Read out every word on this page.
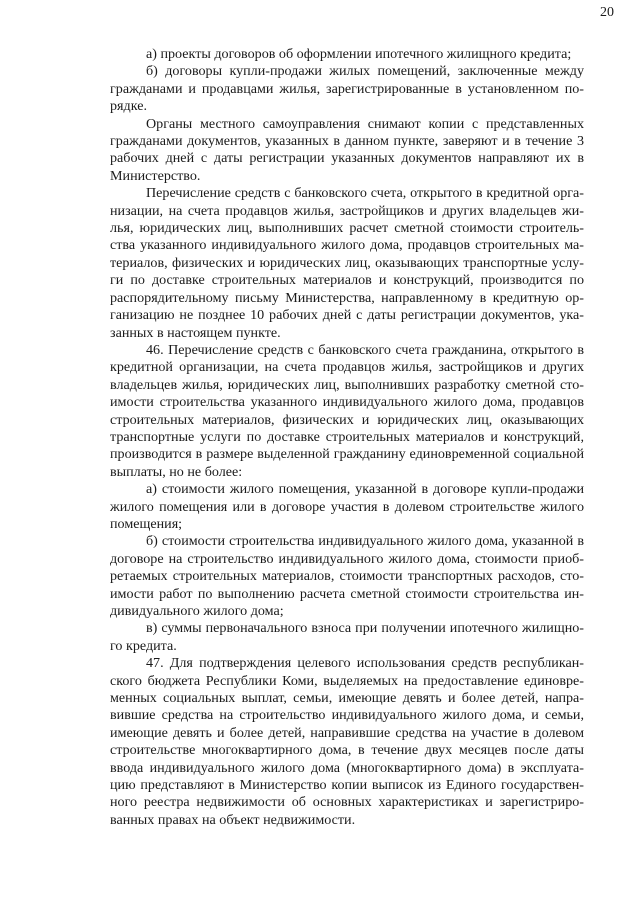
20

а) проекты договоров об оформлении ипотечного жилищного кредита;

б) договоры купли-продажи жилых помещений, заключенные между гражданами и продавцами жилья, зарегистрированные в установленном порядке.

Органы местного самоуправления снимают копии с представленных гражданами документов, указанных в данном пункте, заверяют и в течение 3 рабочих дней с даты регистрации указанных документов направляют их в Министерство.

Перечисление средств с банковского счета, открытого в кредитной организации, на счета продавцов жилья, застройщиков и других владельцев жилья, юридических лиц, выполнивших расчет сметной стоимости строительства указанного индивидуального жилого дома, продавцов строительных материалов, физических и юридических лиц, оказывающих транспортные услуги по доставке строительных материалов и конструкций, производится по распорядительному письму Министерства, направленному в кредитную организацию не позднее 10 рабочих дней с даты регистрации документов, указанных в настоящем пункте.

46. Перечисление средств с банковского счета гражданина, открытого в кредитной организации, на счета продавцов жилья, застройщиков и других владельцев жилья, юридических лиц, выполнивших разработку сметной стоимости строительства указанного индивидуального жилого дома, продавцов строительных материалов, физических и юридических лиц, оказывающих транспортные услуги по доставке строительных материалов и конструкций, производится в размере выделенной гражданину единовременной социальной выплаты, но не более:

а) стоимости жилого помещения, указанной в договоре купли-продажи жилого помещения или в договоре участия в долевом строительстве жилого помещения;

б) стоимости строительства индивидуального жилого дома, указанной в договоре на строительство индивидуального жилого дома, стоимости приобретаемых строительных материалов, стоимости транспортных расходов, стоимости работ по выполнению расчета сметной стоимости строительства индивидуального жилого дома;

в) суммы первоначального взноса при получении ипотечного жилищного кредита.

47. Для подтверждения целевого использования средств республиканского бюджета Республики Коми, выделяемых на предоставление единовременных социальных выплат, семьи, имеющие девять и более детей, направившие средства на строительство индивидуального жилого дома, и семьи, имеющие девять и более детей, направившие средства на участие в долевом строительстве многоквартирного дома, в течение двух месяцев после даты ввода индивидуального жилого дома (многоквартирного дома) в эксплуатацию представляют в Министерство копии выписок из Единого государственного реестра недвижимости об основных характеристиках и зарегистрированных правах на объект недвижимости.
